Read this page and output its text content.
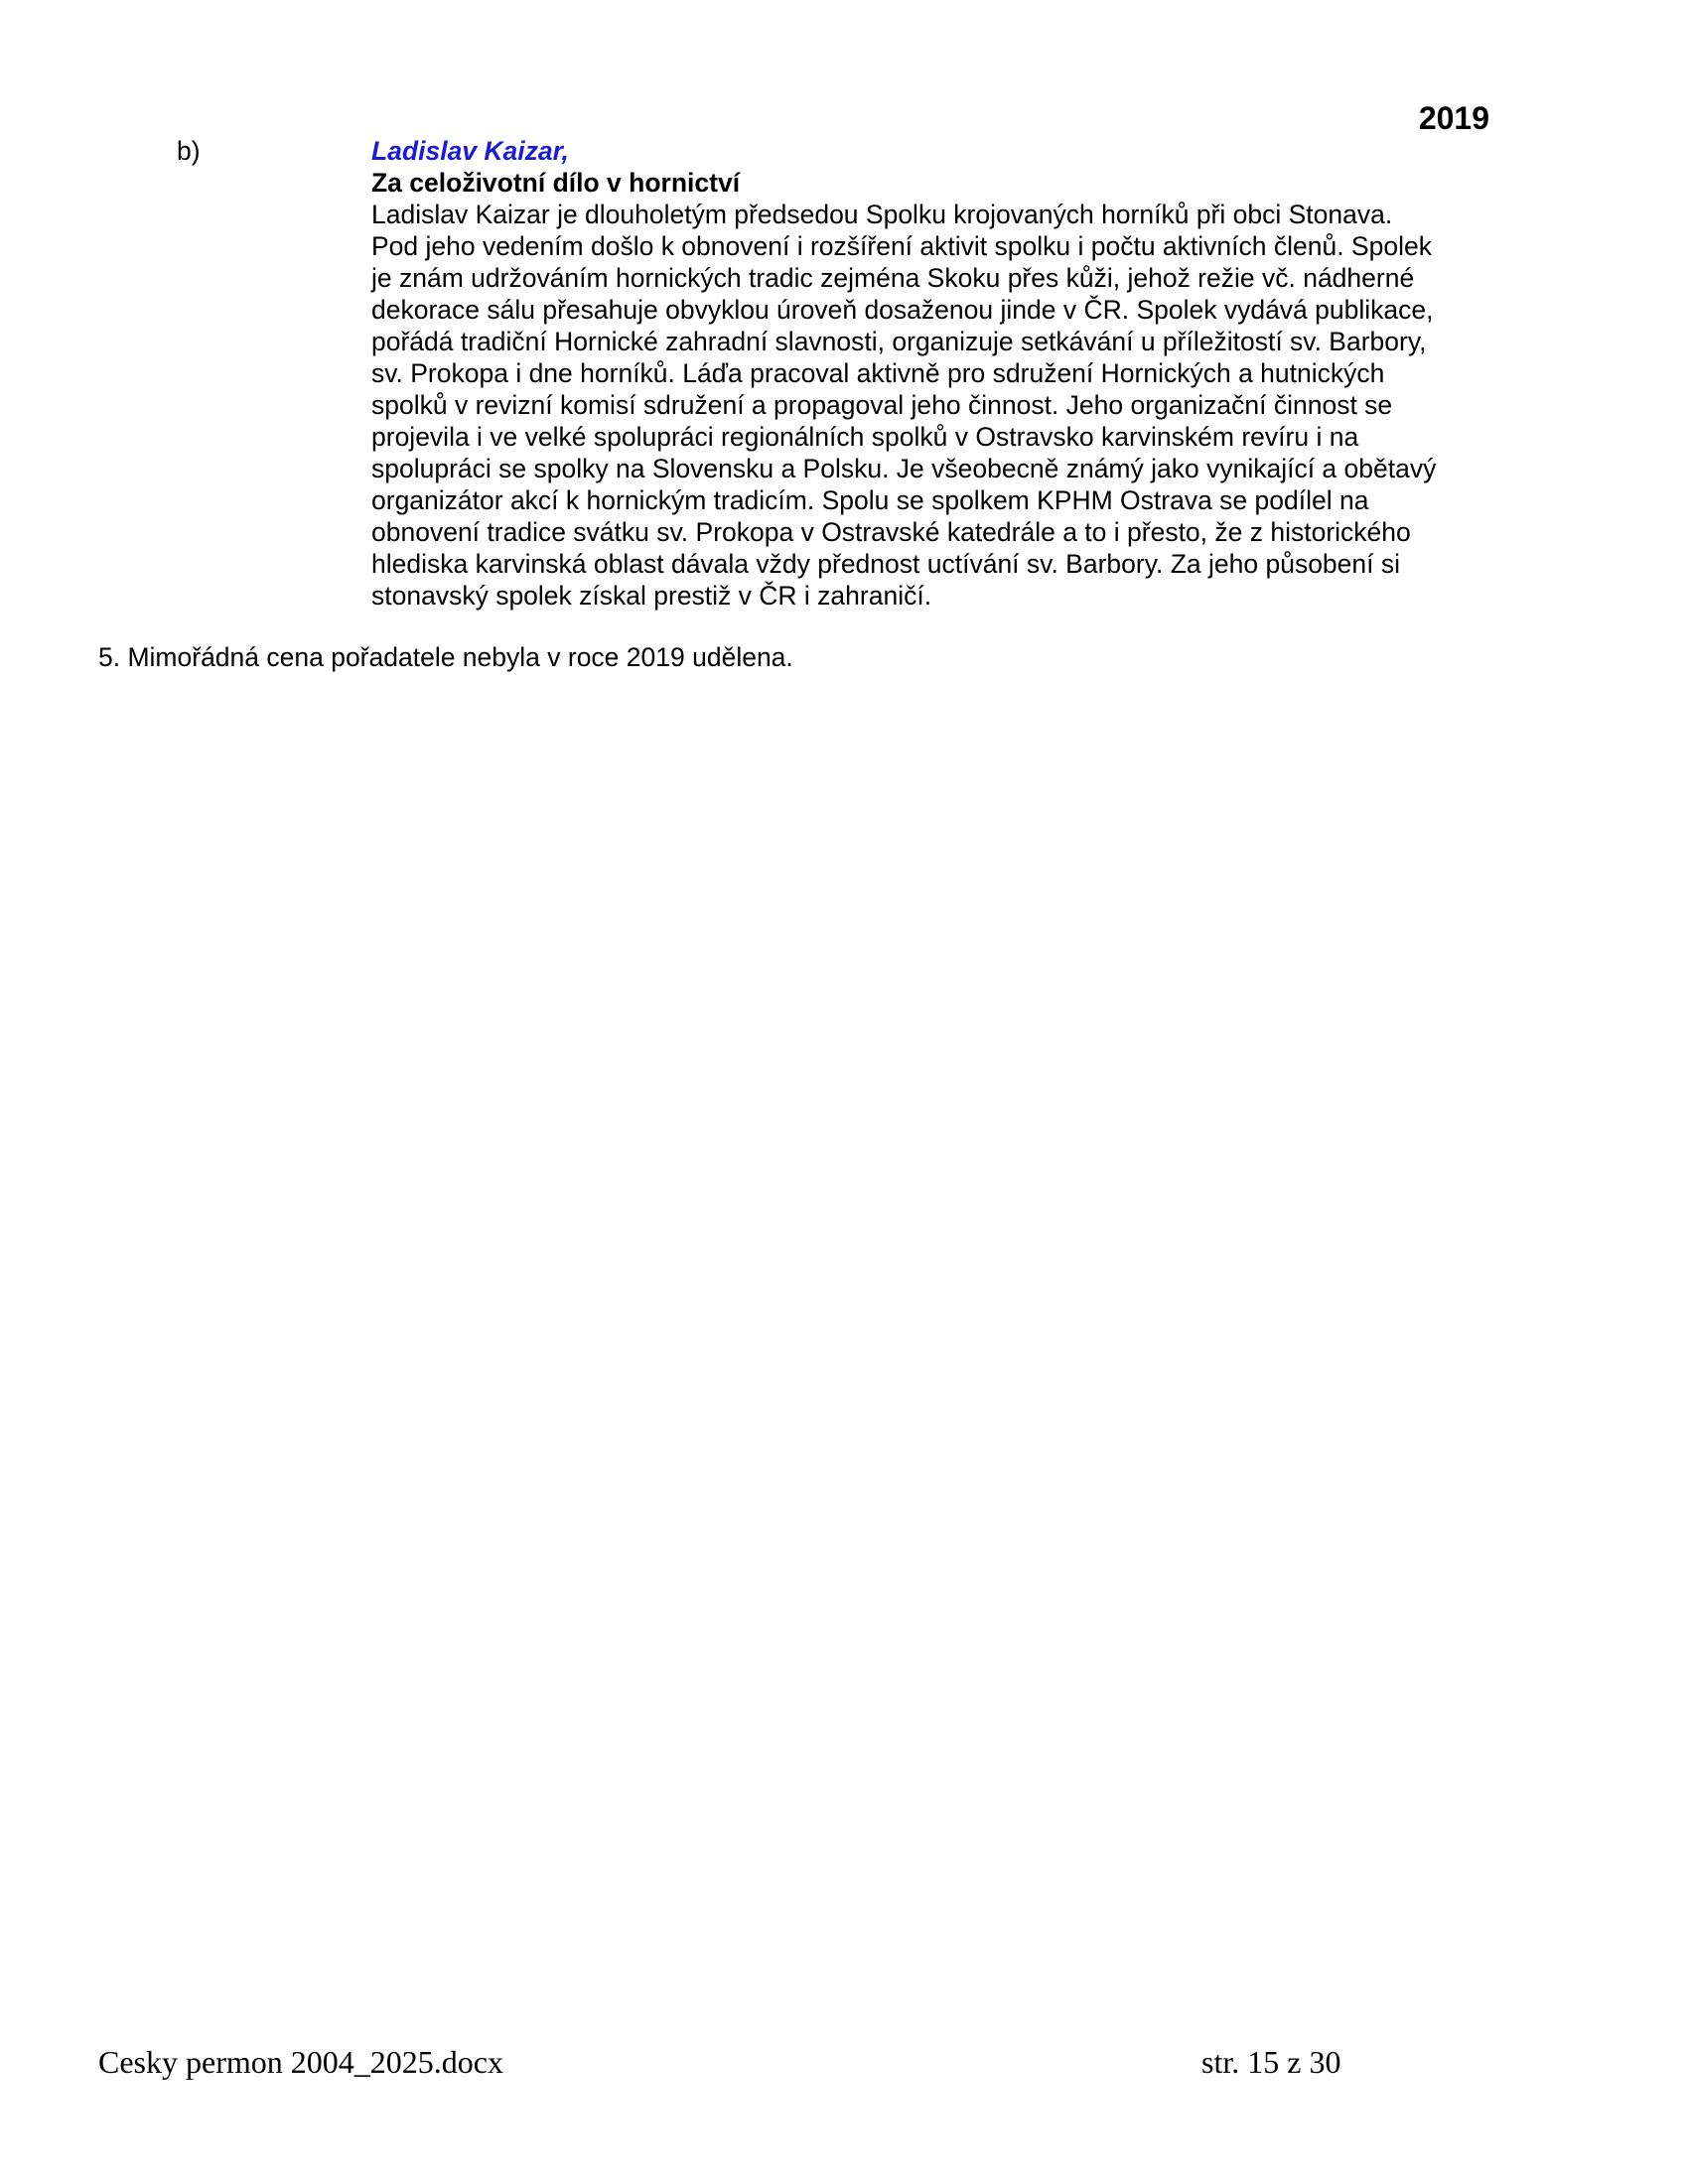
2019
b)	Ladislav Kaizar,
Za celoživotní dílo v hornictví
Ladislav Kaizar je dlouholetým předsedou Spolku krojovaných horníků při obci Stonava.
Pod jeho vedením došlo k obnovení i rozšíření aktivit spolku i počtu aktivních členů. Spolek
je znám udržováním hornických tradic zejména Skoku přes kůži, jehož režie vč. nádherné
dekorace sálu přesahuje obvyklou úroveň dosaženou jinde v ČR. Spolek vydává publikace,
pořádá tradiční Hornické zahradní slavnosti, organizuje setkávání u příležitostí sv. Barbory,
sv. Prokopa i dne horníků. Láďa pracoval aktivně pro sdružení Hornických a hutnických
spolků v revizní komisí sdružení a propagoval jeho činnost. Jeho organizační činnost se
projevila i ve velké spolupráci regionálních spolků v Ostravsko karvinském revíru i na
spolupráci se spolky na Slovensku a Polsku. Je všeobecně známý jako vynikající a obětavý
organizátor akcí k hornickým tradicím. Spolu se spolkem KPHM Ostrava se podílel na
obnovení tradice svátku sv. Prokopa v Ostravské katedrále a to i přesto, že z historického
hlediska karvinská oblast dávala vždy přednost uctívání sv. Barbory. Za jeho působení si
stonavský spolek získal prestiž v ČR i zahraničí.
5. Mimořádná cena pořadatele nebyla v roce 2019 udělena.
Cesky permon 2004_2025.docx	str. 15 z 30
